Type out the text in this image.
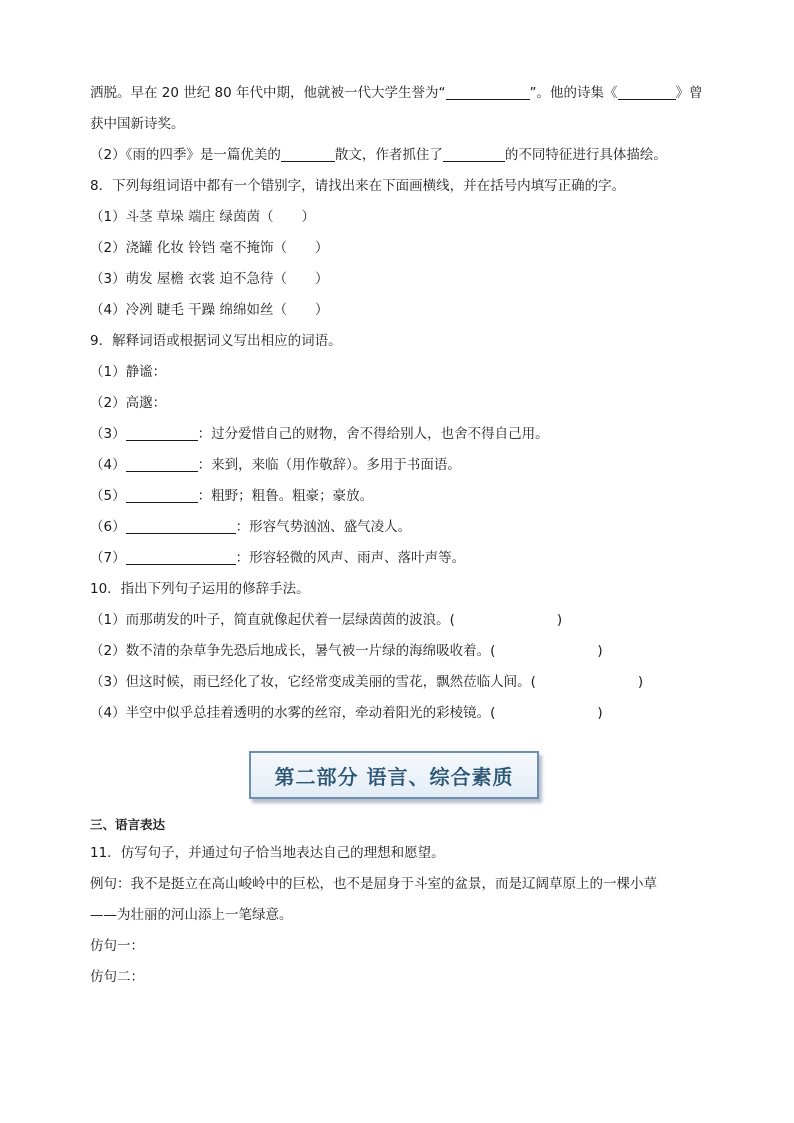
洒脱。早在 20 世纪 80 年代中期，他就被一代大学生誉为“	”。他的诗集《	》曾
获中国新诗奖。
（2）《雨的四季》是一篇优美的	散文，作者抓住了	的不同特征进行具体描绘。
8．下列每组词语中都有一个错别字，请找出来在下面画横线，并在括号内填写正确的字。
（1）斗茎 草垛 端庄 绿茵茵（ ）
（2）浇罐 化妆 铃铛 毫不掩饰（ ）
（3）萌发 屋檐 衣裳 迫不急待（ ）
（4）冷冽 睫毛 干躁 绵绵如丝（ ）
9．解释词语或根据词义写出相应的词语。
（1）静谧：
（2）高邈：
（3）	：过分爱惜自己的财物，舍不得给别人，也舍不得自己用。
（4）	：来到，来临（用作敬辞）。多用于书面语。
（5）	：粗野；粗鲁。粗豪；豪放。
（6）	：形容气势汹汹、盛气凌人。
（7）	：形容轻微的风声、雨声、落叶声等。
10．指出下列句子运用的修辞手法。
（1）而那萌发的叶子，简直就像起伏着一层绿茵茵的波浪。(	)
（2）数不清的杂草争先恐后地成长，暑气被一片绿的海绵吸收着。(	)
（3）但这时候，雨已经化了妆，它经常变成美丽的雪花，飘然莅临人间。(	)
（4）半空中似乎总挂着透明的水雾的丝帘，牵动着阳光的彩棱镜。(	)
第二部分 语言、综合素质
三、语言表达
11．仿写句子，并通过句子恰当地表达自己的理想和愿望。
例句：我不是挺立在高山峻岭中的巨松，也不是屈身于斗室的盆景，而是辽阔草原上的一棵小草
——为壮丽的河山添上一笔绿意。
仿句一：
仿句二：
